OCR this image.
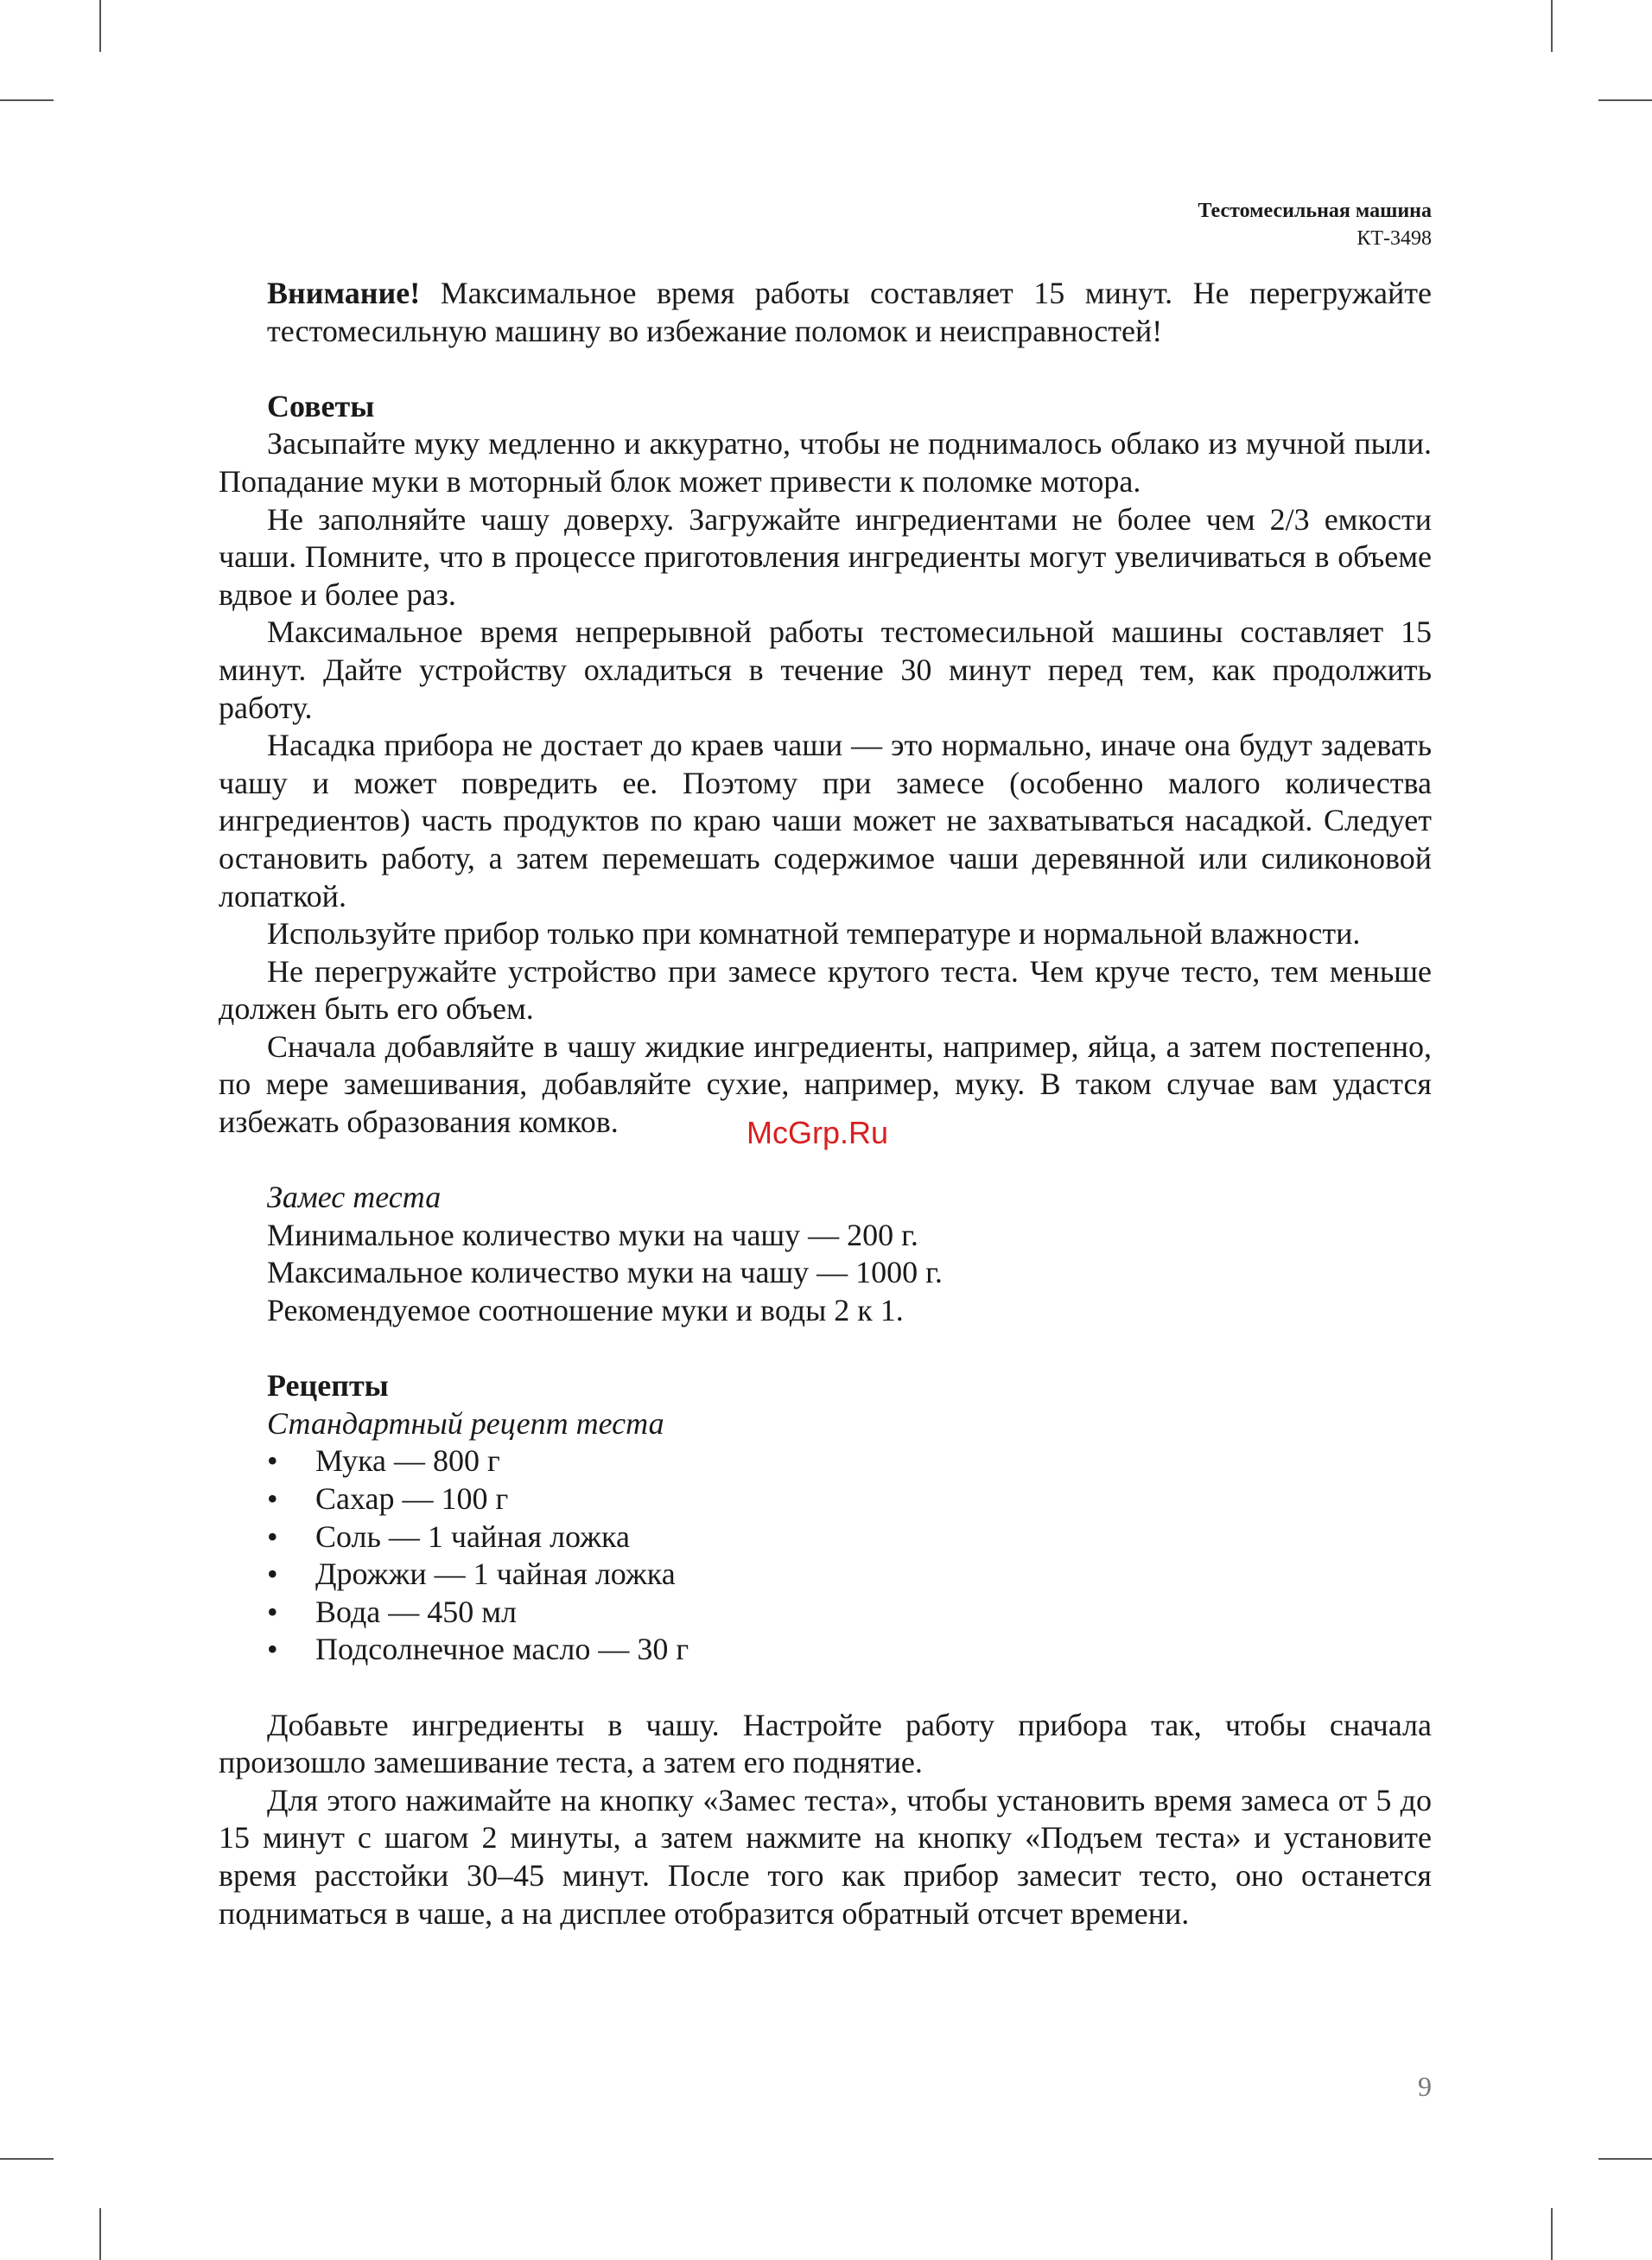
Тестомесильная машина
КТ-3498

Внимание! Максимальное время работы составляет 15 минут. Не перегружайте тестомесильную машину во избежание поломок и неисправностей!

Советы

Засыпайте муку медленно и аккуратно, чтобы не поднималось облако из мучной пыли. Попадание муки в моторный блок может привести к поломке мотора.

Не заполняйте чашу доверху. Загружайте ингредиентами не более чем 2/3 емкости чаши. Помните, что в процессе приготовления ингредиенты могут увеличиваться в объеме вдвое и более раз.

Максимальное время непрерывной работы тестомесильной машины составляет 15 минут. Дайте устройству охладиться в течение 30 минут перед тем, как продолжить работу.

Насадка прибора не достает до краев чаши — это нормально, иначе она будут задевать чашу и может повредить ее. Поэтому при замесе (особенно малого количества ингредиентов) часть продуктов по краю чаши может не захватываться насадкой. Следует остановить работу, а затем перемешать содержимое чаши деревянной или силиконовой лопаткой.

Используйте прибор только при комнатной температуре и нормальной влажности.

Не перегружайте устройство при замесе крутого теста. Чем круче тесто, тем меньше должен быть его объем.

Сначала добавляйте в чашу жидкие ингредиенты, например, яйца, а затем постепенно, по мере замешивания, добавляйте сухие, например, муку. В таком случае вам удастся избежать образования комков.

Замес теста

Минимальное количество муки на чашу — 200 г.

Максимальное количество муки на чашу — 1000 г.

Рекомендуемое соотношение муки и воды 2 к 1.

Рецепты

Стандартный рецепт теста

• Мука — 800 г
• Сахар — 100 г
• Соль — 1 чайная ложка
• Дрожжи — 1 чайная ложка
• Вода — 450 мл
• Подсолнечное масло — 30 г

Добавьте ингредиенты в чашу. Настройте работу прибора так, чтобы сначала произошло замешивание теста, а затем его поднятие.

Для этого нажимайте на кнопку «Замес теста», чтобы установить время замеса от 5 до 15 минут с шагом 2 минуты, а затем нажмите на кнопку «Подъем теста» и установите время расстойки 30–45 минут. После того как прибор замесит тесто, оно останется подниматься в чаше, а на дисплее отобразится обратный отсчет времени.

McGrp.Ru
9
